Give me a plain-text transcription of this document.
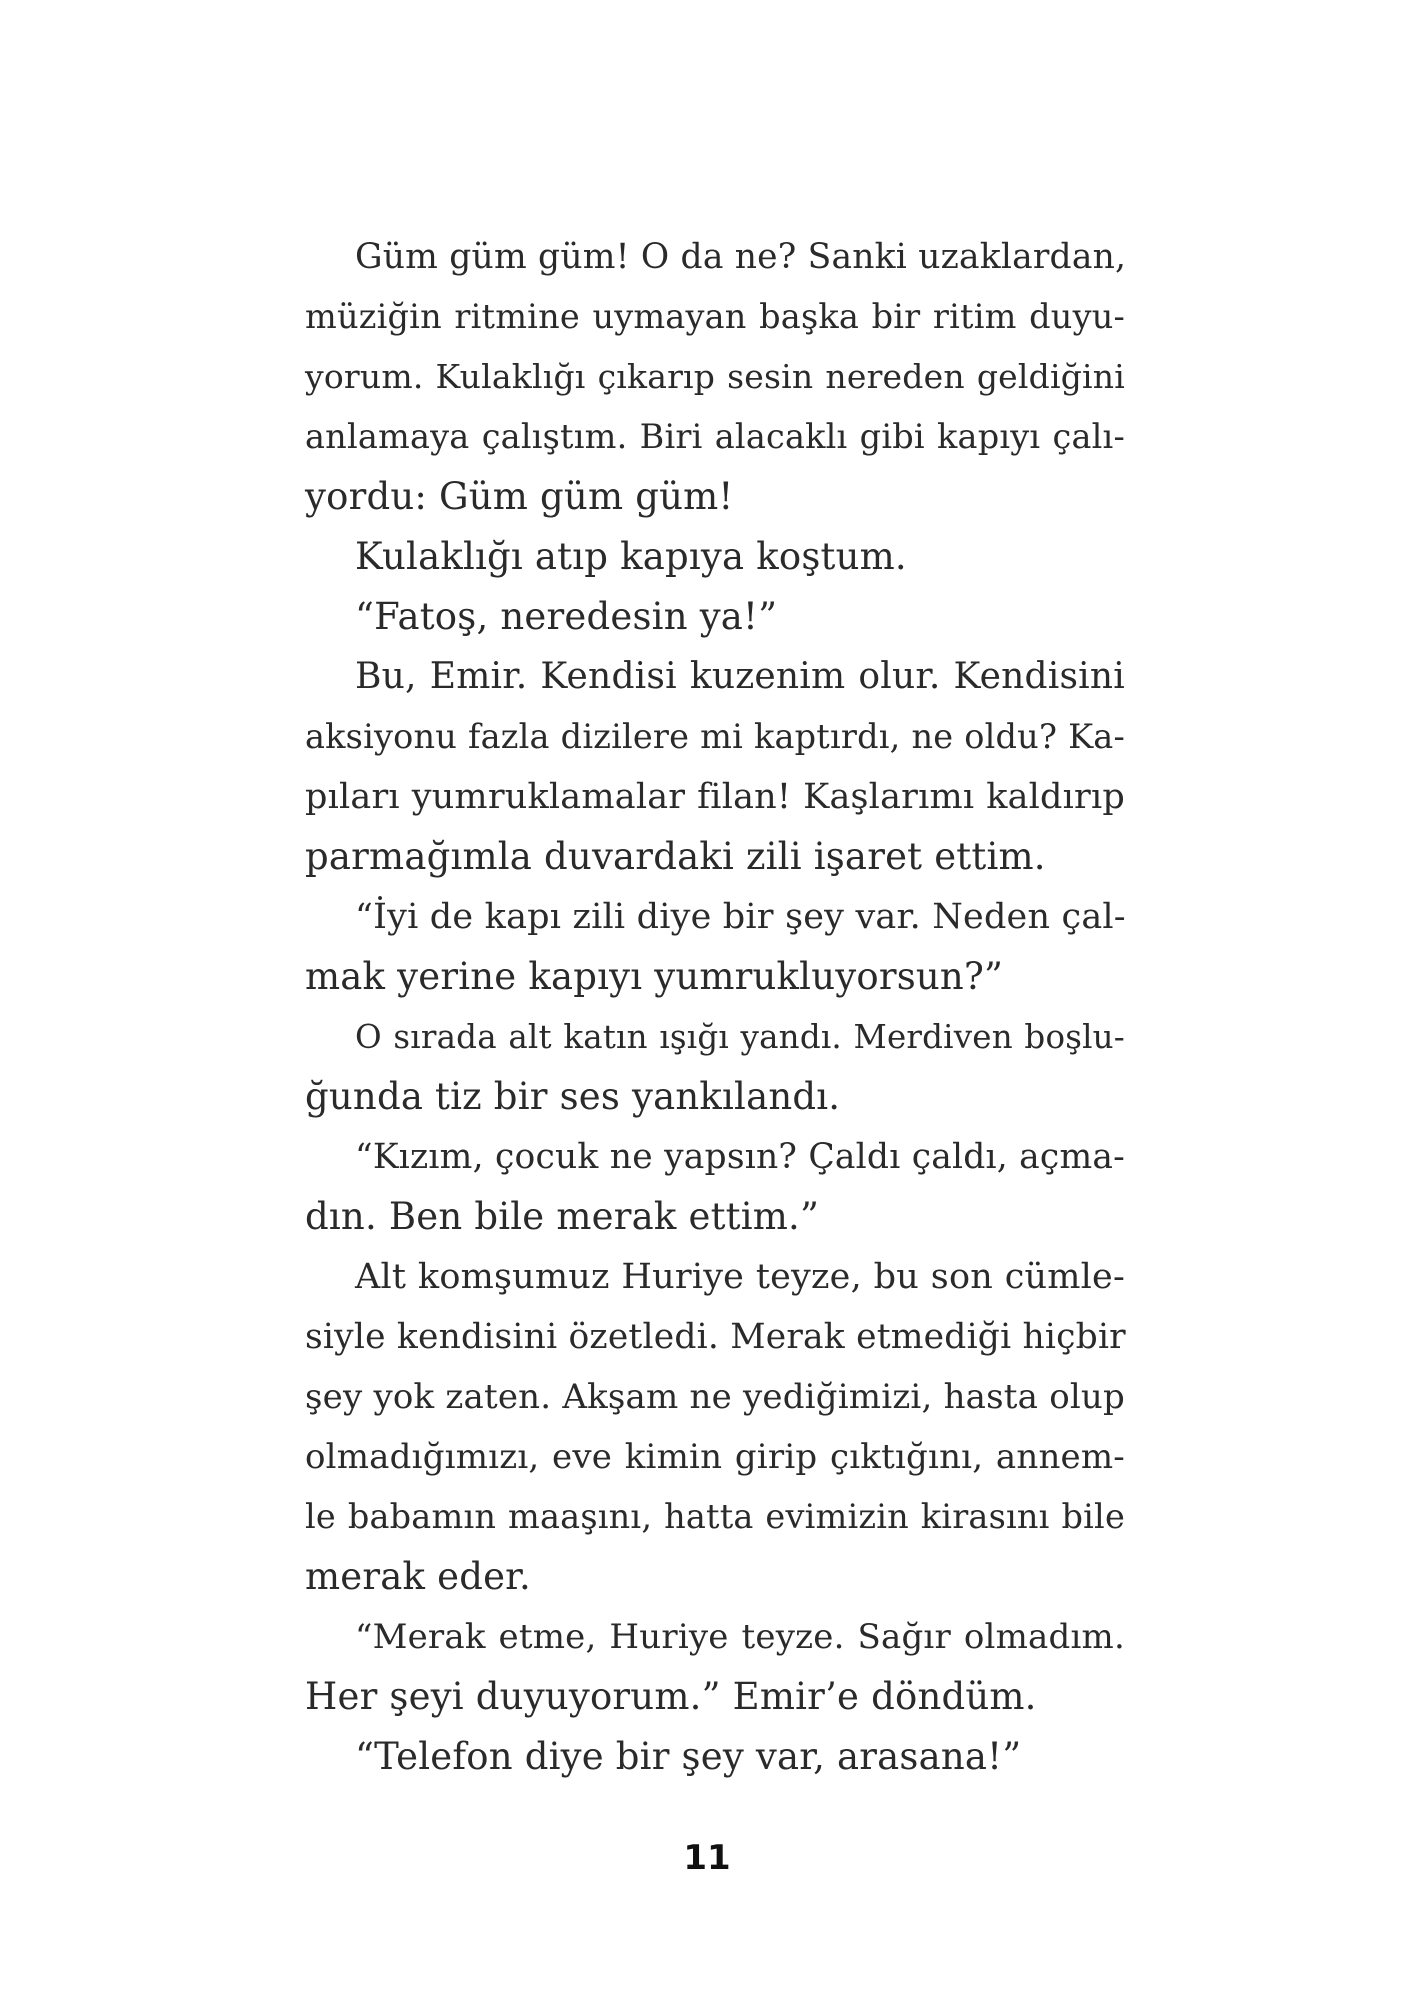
Güm güm güm! O da ne? Sanki uzaklardan,
müziğin ritmine uymayan başka bir ritim duyu-
yorum. Kulaklığı çıkarıp sesin nereden geldiğini
anlamaya çalıştım. Biri alacaklı gibi kapıyı çalı-
yordu: Güm güm güm!
Kulaklığı atıp kapıya koştum.
“Fatoş, neredesin ya!”
Bu, Emir. Kendisi kuzenim olur. Kendisini
aksiyonu fazla dizilere mi kaptırdı, ne oldu? Ka-
pıları yumruklamalar filan! Kaşlarımı kaldırıp
parmağımla duvardaki zili işaret ettim.
“İyi de kapı zili diye bir şey var. Neden çal-
mak yerine kapıyı yumrukluyorsun?”
O sırada alt katın ışığı yandı. Merdiven boşlu-
ğunda tiz bir ses yankılandı.
“Kızım, çocuk ne yapsın? Çaldı çaldı, açma-
dın. Ben bile merak ettim.”
Alt komşumuz Huriye teyze, bu son cümle-
siyle kendisini özetledi. Merak etmediği hiçbir
şey yok zaten. Akşam ne yediğimizi, hasta olup
olmadığımızı, eve kimin girip çıktığını, annem-
le babamın maaşını, hatta evimizin kirasını bile
merak eder.
“Merak etme, Huriye teyze. Sağır olmadım.
Her şeyi duyuyorum.” Emir’e döndüm.
“Telefon diye bir şey var, arasana!”
11
